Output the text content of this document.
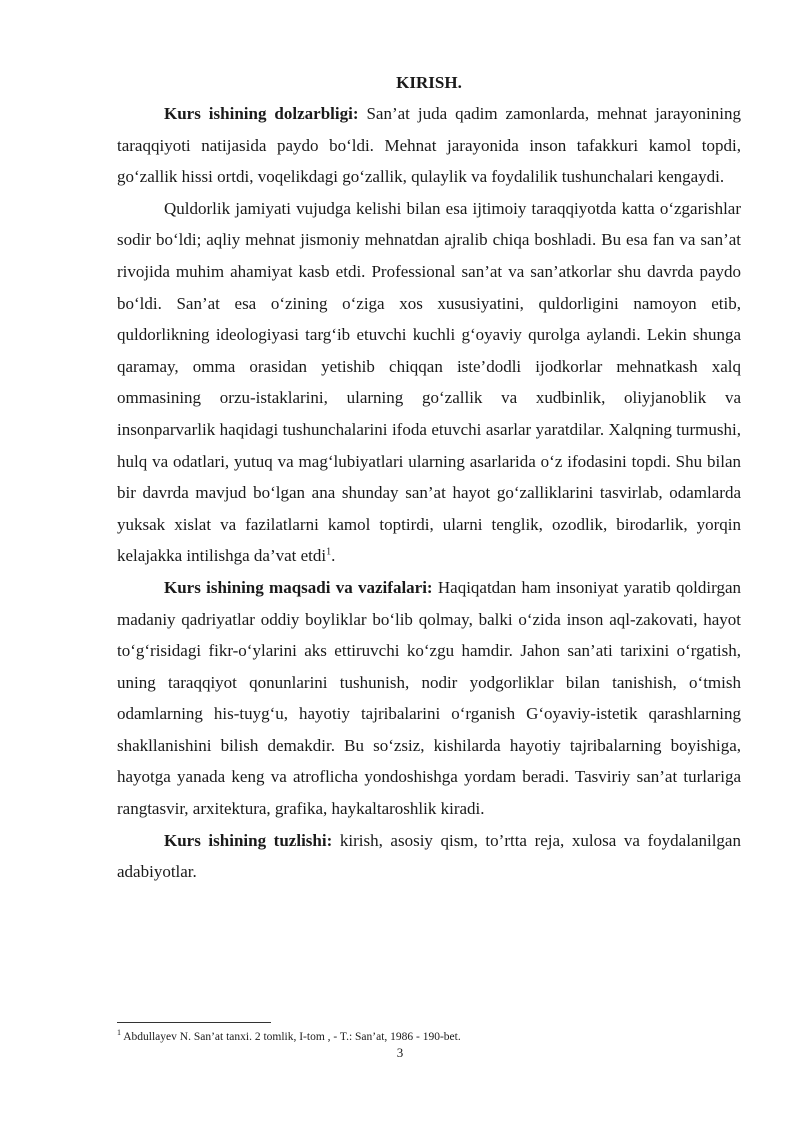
KIRISH.

Kurs ishining dolzarbligi: San’at juda qadim zamonlarda, mehnat jarayonining taraqqiyoti natijasida paydo bo‘ldi. Mehnat jarayonida inson tafakkuri kamol topdi, go‘zallik hissi ortdi, voqelikdagi go‘zallik, qulaylik va foydalilik tushunchalari kengaydi.

Quldorlik jamiyati vujudga kelishi bilan esa ijtimoiy taraqqiyotda katta o‘zgarishlar sodir bo‘ldi; aqliy mehnat jismoniy mehnatdan ajralib chiqa boshladi. Bu esa fan va san’at rivojida muhim ahamiyat kasb etdi. Professional san’at va san’atkorlar shu davrda paydo bo‘ldi. San’at esa o‘zining o‘ziga xos xususiyatini, quldorligini namoyon etib, quldorlikning ideologiyasi targ‘ib etuvchi kuchli g‘oyaviy qurolga aylandi. Lekin shunga qaramay, omma orasidan yetishib chiqqan iste’dodli ijodkorlar mehnatkash xalq ommasining orzu-istaklarini, ularning go‘zallik va xudbinlik, oliyjanoblik va insonparvarlik haqidagi tushunchalarini ifoda etuvchi asarlar yaratdilar. Xalqning turmushi, hulq va odatlari, yutuq va mag‘lubiyatlari ularning asarlarida o‘z ifodasini topdi. Shu bilan bir davrda mavjud bo‘lgan ana shunday san’at hayot go‘zalliklarini tasvirlab, odamlarda yuksak xislat va fazilatlarni kamol toptirdi, ularni tenglik, ozodlik, birodarlik, yorqin kelajakka intilishga da’vat etdi$^1$.

Kurs ishining maqsadi va vazifalari: Haqiqatdan ham insoniyat yaratib qoldirgan madaniy qadriyatlar oddiy boyliklar bo‘lib qolmay, balki o‘zida inson aql-zakovati, hayot to‘g‘risidagi fikr-o‘ylarini aks ettiruvchi ko‘zgu hamdir. Jahon san’ati tarixini o‘rgatish, uning taraqqiyot qonunlarini tushunish, nodir yodgorliklar bilan tanishish, o‘tmish odamlarning his-tuyg‘u, hayotiy tajribalarini o‘rganish G‘oyaviy-istetik qarashlarning shakllanishini bilish demakdir. Bu so‘zsiz, kishilarda hayotiy tajribalarning boyishiga, hayotga yanada keng va atroflicha yondoshishga yordam beradi. Tasviriy san’at turlariga rangtasvir, arxitektura, grafika, haykaltaroshlik kiradi.

Kurs ishining tuzlishi: kirish, asosiy qism, to’rtta reja, xulosa va foydalanilgan adabiyotlar.

$^1$ Abdullayev N. San’at tanxi. 2 tomlik, I-tom , - T.: San’at, 1986 - 190-bet.
3
